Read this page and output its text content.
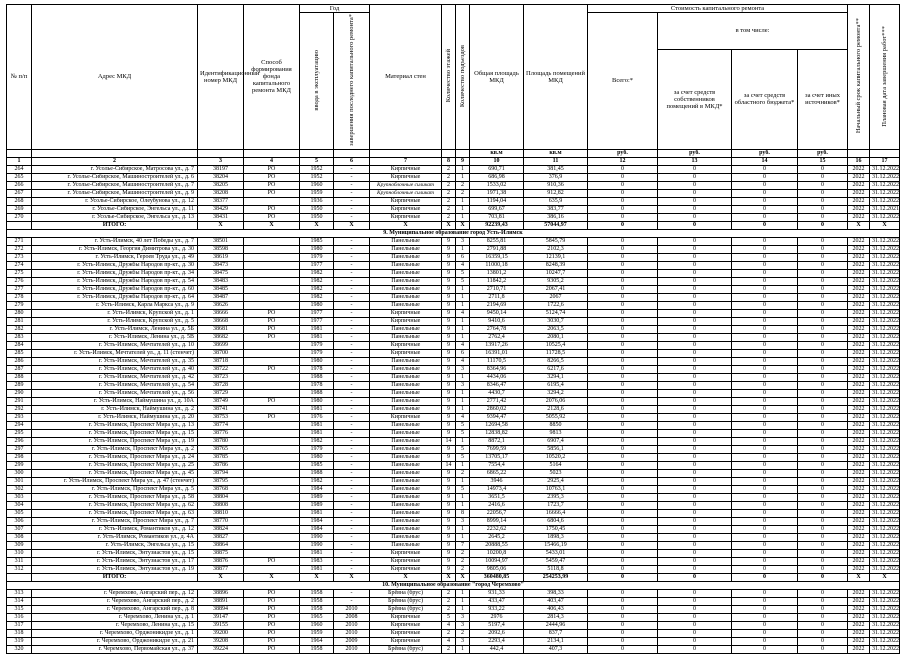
№ п/п	Адрес МКД	Идентификационный номер МКД	Способ формирования фонда капитального ремонта МКД	Год		Материал стен	Количество этажей	Количество подъездов	Общая площадь МКД	Площадь помещений МКД	Стоимость капитального ремонта				Начальный срок капитального ремонта**	Плановая дата завершения работ***
				ввода в эксплуатацию	завершения последнего капитального ремонта*						Всего:*	в том числе:				
												за счет средств собственников помещений в МКД*	за счет средств областного бюджета*	за счет иных источников*		
									кв.м	кв.м	руб.	руб.	руб.	руб.		
1	2	3	4	5	6	7	8	9	10	11	12	13	14	15	16	17
264	г. Усолье-Сибирское, Матросова ул., д. 7	38197	РО	1952	-	Кирпичные	2	1	690,71	381,45	0	0	0	0	2022	31.12.2022
265	г. Усолье-Сибирское, Машиностроителей ул., д. 6	38204	РО	1952	-	Кирпичные	2	1	686,98	376,9	0	0	0	0	2022	31.12.2022
266	г. Усолье-Сибирское, Машиностроителей ул., д. 7	38205	РО	1960	-	Крупноблочные силикат	2	2	1533,02	910,36	0	0	0	0	2022	31.12.2022
267	г. Усолье-Сибирское, Машиностроителей ул., д. 9	38208	РО	1959	-	Крупноблочные силикат	2	2	1971,38	912,82	0	0	0	0	2022	31.12.2022
268	г. Усолье-Сибирское, Олеубунова ул., д. 12	38377		1936	-	Кирпичные	2	1	1194,04	635,9	0	0	0	0	2022	31.12.2022
269	г. Усолье-Сибирское, Энгельса ул., д. 11	38429	РО	1950	-	Кирпичные	2	1	699,67	383,77	0	0	0	0	2022	31.12.2021
270	г. Усолье-Сибирское, Энгельса ул., д. 13	38431	РО	1950	-	Кирпичные	2	1	703,81	386,16	0	0	0	0	2022	31.12.2022
	ИТОГО:	X	X	X	X	X	X	X	92239,43	57044,97	0	0	0	0	X	X
9. Муниципальное образование город Усть-Илимск																
271	г. Усть-Илимск, 40 лет Победы ул., д. 7	38501		1985	-	Панельные	9	3	8255,81	5845,79	0	0	0	0	2022	31.12.2022
272	г. Усть-Илимск, Георгия Димитрова ул., д. 30	38598		1980	-	Панельные	9	1	2791,88	2102,3	0	0	0	0	2022	31.12.2022
273	г. Усть-Илимск, Героев Труда ул., д. 49	38619		1979	-	Панельные	9	6	16359,15	12139,1	0	0	0	0	2022	31.12.2022
274	г. Усть-Илимск, Дружбы Народов пр-кт., д. 30	38473		1977	-	Панельные	9	4	11000,18	8248,39	0	0	0	0	2022	31.12.2022
275	г. Усть-Илимск, Дружбы Народов пр-кт., д. 34	38475		1982	-	Панельные	9	5	13801,2	10247,7	0	0	0	0	2022	31.12.2022
276	г. Усть-Илимск, Дружбы Народов пр-кт., д. 54	38483		1982	-	Панельные	9	5	11842,2	9305,2	0	0	0	0	2022	31.12.2022
277	г. Усть-Илимск, Дружбы Народов пр-кт., д. 60	38485		1982	-	Панельные	9	1	2710,71	2067,41	0	0	0	0	2022	31.12.2022
278	г. Усть-Илимск, Дружбы Народов пр-кт., д. 64	38487		1982	-	Панельные	9	1	2711,8	2067	0	0	0	0	2022	31.12.2022
279	г. Усть-Илимск, Карла Маркса ул., д. 9	38626		1980	-	Панельные	9	1	2194,69	1722,6	0	0	0	0	2022	31.12.2022
280	г. Усть-Илимск, Крупской ул., д. 1	38666	РО	1977	-	Кирпичные	9	4	9450,14	5124,74	0	0	0	0	2022	31.12.2022
281	г. Усть-Илимск, Крупской ул., д. 5	38668	РО	1977	-	Кирпичные	9	1	9410,6	3030,7	0	0	0	0	2022	31.12.2022
282	г. Усть-Илимск, Ленина ул., д. 5Б	38681	РО	1981	-	Панельные	9	1	2764,78	2063,5	0	0	0	0	2022	31.12.2022
283	г. Усть-Илимск, Ленина ул., д. 5В	38682	РО	1981	-	Панельные	9	1	2762,4	2080,1	0	0	0	0	2022	31.12.2022
284	г. Усть-Илимск, Мечтателей ул., д. 10	38699		1979	-	Кирпичные	9	4	13917,26	10525,4	0	0	0	0	2022	31.12.2022
285	г. Усть-Илимск, Мечтателей ул., д. 11 (стенчет)	38700		1979	-	Кирпичные	9	6	16391,01	11728,5	0	0	0	0	2022	31.12.2022
286	г. Усть-Илимск, Мечтателей ул., д. 35	38718		1980	-	Панельные	9	4	11170,5	8266,5	0	0	0	0	2022	31.12.2022
287	г. Усть-Илимск, Мечтателей ул., д. 40	38722	РО	1978	-	Панельные	9	3	8364,96	6217,6	0	0	0	0	2022	31.12.2022
288	г. Усть-Илимск, Мечтателей ул., д. 42	38723		1988	-	Панельные	9	1	4434,06	3294,1	0	0	0	0	2022	31.12.2022
289	г. Усть-Илимск, Мечтателей ул., д. 54	38728		1978	-	Панельные	9	3	8346,47	6195,4	0	0	0	0	2022	31.12.2022
290	г. Усть-Илимск, Мечтателей ул., д. 56	38729		1988	-	Панельные	9	1	4430,7	3294,2	0	0	0	0	2022	31.12.2022
291	г. Усть-Илимск, Наймушина ул., д. 10А	38749	РО	1980	-	Панельные	9	1	2771,42	2076,06	0	0	0	0	2022	31.12.2022
292	г. Усть-Илимск, Наймушина ул., д. 2	38741		1981	-	Панельные	9	1	2860,02	2128,6	0	0	0	0	2022	31.12.2022
293	г. Усть-Илимск, Наймушина ул., д. 20	38753	РО	1976	-	Кирпичные	9	4	9394,47	5055,92	0	0	0	0	2022	31.12.2022
294	г. Усть-Илимск, Проспект Мира ул., д. 13	38774		1981	-	Панельные	9	5	12694,58	8850	0	0	0	0	2022	31.12.2022
295	г. Усть-Илимск, Проспект Мира ул., д. 15	38776		1981	-	Панельные	9	5	12838,82	9813	0	0	0	0	2022	31.12.2022
296	г. Усть-Илимск, Проспект Мира ул., д. 19	38780		1982	-	Панельные	14	1	8872,1	6907,4	0	0	0	0	2022	31.12.2022
297	г. Усть-Илимск, Проспект Мира ул., д. 2	38765		1979	-	Панельные	9	5	7699,59	5856,1	0	0	0	0	2022	31.12.2022
298	г. Усть-Илимск, Проспект Мира ул., д. 24	38785		1980	-	Панельные	9	5	13705,17	10520,2	0	0	0	0	2022	31.12.2022
299	г. Усть-Илимск, Проспект Мира ул., д. 25	38786		1985	-	Панельные	14	1	7554,4	5164	0	0	0	0	2022	31.12.2022
300	г. Усть-Илимск, Проспект Мира ул., д. 45	38794		1988	-	Панельные	9	2	6865,22	5023	0	0	0	0	2022	31.12.2022
301	г. Усть-Илимск, Проспект Мира ул., д. 47 (стенчет)	38795		1982	-	Панельные	9	1	3946	2925,4	0	0	0	0	2022	31.12.2022
302	г. Усть-Илимск, Проспект Мира ул., д. 5	38768		1984	-	Панельные	9	5	14973,4	10763,1	0	0	0	0	2022	31.12.2022
303	г. Усть-Илимск, Проспект Мира ул., д. 58	38804		1989	-	Панельные	9	1	3651,5	2395,3	0	0	0	0	2022	31.12.2022
304	г. Усть-Илимск, Проспект Мира ул., д. 62	38808		1989	-	Панельные	9	1	2416,6	1723,7	0	0	0	0	2022	31.12.2022
305	г. Усть-Илимск, Проспект Мира ул., д. 63	38810		1981	-	Панельные	9	8	22056,7	16666,4	0	0	0	0	2022	31.12.2022
306	г. Усть-Илимск, Проспект Мира ул., д. 7	38770		1984	-	Панельные	9	3	8999,14	6804,6	0	0	0	0	2022	31.12.2022
307	г. Усть-Илимск, Романтиков ул., д. 12	38824		1984	-	Панельные	9	1	2232,62	1750,45	0	0	0	0	2022	31.12.2022
308	г. Усть-Илимск, Романтиков ул., д. 4А	38827		1990	-	Панельные	9	1	2645,2	1898,3	0	0	0	0	2022	31.12.2022
309	г. Усть-Илимск, Энгельса ул., д. 15	38864		1990	-	Панельные	9	7	20888,55	15466,19	0	0	0	0	2022	31.12.2022
310	г. Усть-Илимск, Энтузиастов ул., д. 15	38875		1981	-	Кирпичные	9	2	10200,8	5433,01	0	0	0	0	2022	31.12.2022
311	г. Усть-Илимск, Энтузиастов ул., д. 17	38876	РО	1983	-	Кирпичные	9	2	10094,97	5459,47	0	0	0	0	2022	31.12.2022
312	г. Усть-Илимск, Энтузиастов ул., д. 19	38877		1981	-	Кирпичные	9	2	9805,06	5118,8	0	0	0	0	2022	31.12.2022
	ИТОГО:	X	X	X	X	X	X	X	360480,85	254253,99	0	0	0	0	X	X
10. Муниципальное образование "город Черемхово"																
313	г. Черемхово, Ангарский пер., д. 12	38896	РО	1958	-	Брёвна (брус)	2	1	931,33	398,33	0	0	0	0	2022	31.12.2022
314	г. Черемхово, Ангарский пер., д. 2	38891	РО	1958	-	Брёвна (брус)	2	1	433,47	403,47	0	0	0	0	2022	31.12.2022
315	г. Черемхово, Ангарский пер., д. 8	38894	РО	1958	2010	Брёвна (брус)	2	1	933,22	406,43	0	0	0	0	2022	31.12.2022
316	г. Черемхово, Ленина ул., д. 1	39147	РО	1965	2008	Кирпичные	5	3	2976	2814,3	0	0	0	0	2022	31.12.2022
317	г. Черемхово, Ленина ул., д. 15	39155	РО	1960	2010	Кирпичные	4	3	5197,4	2444,96	0	0	0	0	2022	31.12.2022
318	г. Черемхово, Орджоникидзе ул., д. 1	39200	РО	1959	2010	Кирпичные	2	2	2092,6	837,7	0	0	0	0	2022	31.12.2022
319	г. Черемхово, Орджоникидзе ул., д. 21	39208	РО	1964	2009	Кирпичные	4	3	2293,4	2134,1	0	0	0	0	2022	31.12.2022
320	г. Черемхово, Первомайская ул., д. 37	39224	РО	1958	2010	Брёвна (брус)	2	1	442,4	407,3	0	0	0	0	2022	31.12.2022
